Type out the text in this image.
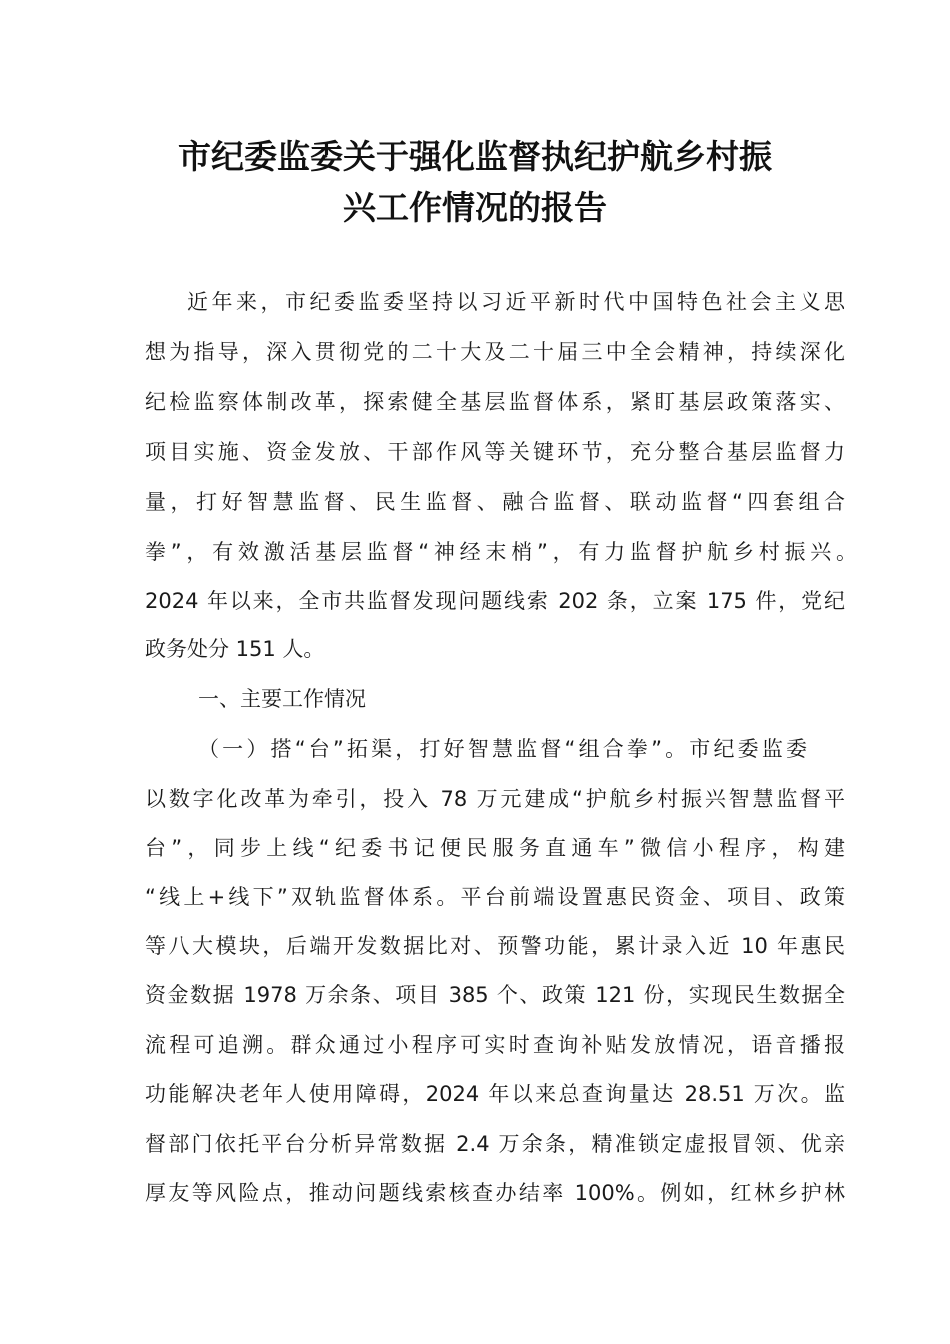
市纪委监委关于强化监督执纪护航乡村振
兴工作情况的报告
近年来，市纪委监委坚持以习近平新时代中国特色社会主义思
想为指导，深入贯彻党的二十大及二十届三中全会精神，持续深化
纪检监察体制改革，探索健全基层监督体系，紧盯基层政策落实、
项目实施、资金发放、干部作风等关键环节，充分整合基层监督力
量，打好智慧监督、民生监督、融合监督、联动监督“四套组合
拳”，有效激活基层监督“神经末梢”，有力监督护航乡村振兴。
2024 年以来，全市共监督发现问题线索 202 条，立案 175 件，党纪
政务处分 151 人。
一、主要工作情况
（一）搭“台”拓渠，打好智慧监督“组合拳”。市纪委监委
以数字化改革为牵引，投入 78 万元建成“护航乡村振兴智慧监督平
台”，同步上线“纪委书记便民服务直通车”微信小程序，构建
“线上+线下”双轨监督体系。平台前端设置惠民资金、项目、政策
等八大模块，后端开发数据比对、预警功能，累计录入近 10 年惠民
资金数据 1978 万余条、项目 385 个、政策 121 份，实现民生数据全
流程可追溯。群众通过小程序可实时查询补贴发放情况，语音播报
功能解决老年人使用障碍，2024 年以来总查询量达 28.51 万次。监
督部门依托平台分析异常数据 2.4 万余条，精准锁定虚报冒领、优亲
厚友等风险点，推动问题线索核查办结率 100%。例如，红林乡护林
